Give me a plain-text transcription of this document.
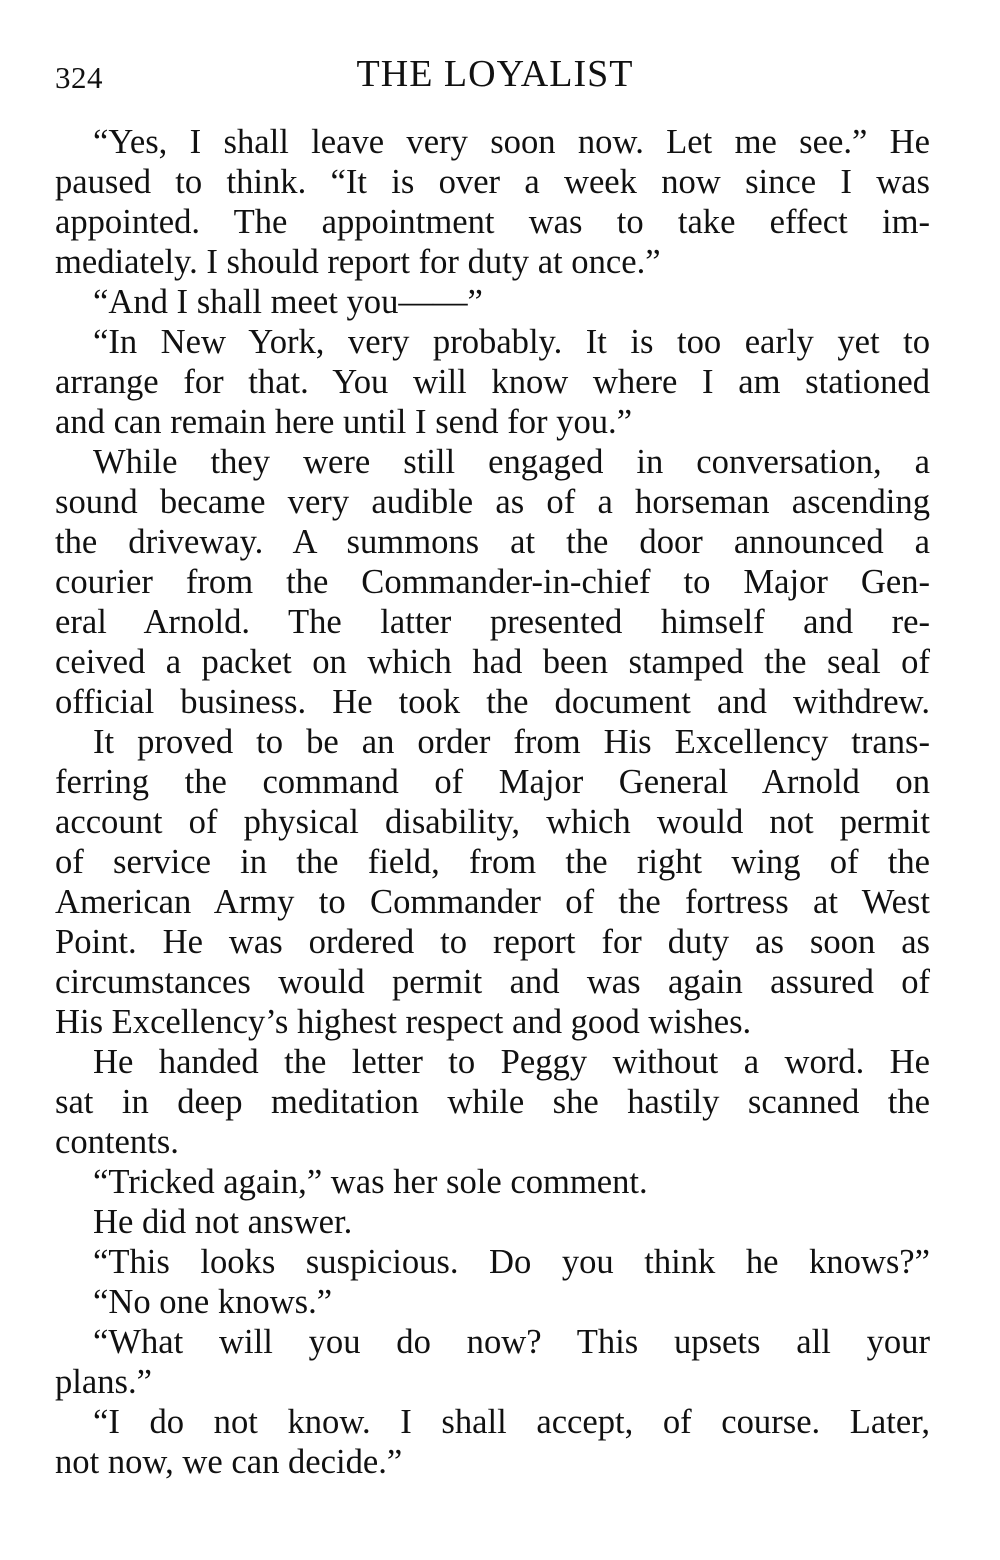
324	THE LOYALIST
“Yes, I shall leave very soon now. Let me see.” He
paused to think. “It is over a week now since I was
appointed. The appointment was to take effect im-
mediately. I should report for duty at once.”
“And I shall meet you——”
“In New York, very probably. It is too early yet to
arrange for that. You will know where I am stationed
and can remain here until I send for you.”
While they were still engaged in conversation, a
sound became very audible as of a horseman ascending
the driveway. A summons at the door announced a
courier from the Commander-in-chief to Major Gen-
eral Arnold. The latter presented himself and re-
ceived a packet on which had been stamped the seal of
official business. He took the document and withdrew.
It proved to be an order from His Excellency trans-
ferring the command of Major General Arnold on
account of physical disability, which would not permit
of service in the field, from the right wing of the
American Army to Commander of the fortress at West
Point. He was ordered to report for duty as soon as
circumstances would permit and was again assured of
His Excellency’s highest respect and good wishes.
He handed the letter to Peggy without a word. He
sat in deep meditation while she hastily scanned the
contents.
“Tricked again,” was her sole comment.
He did not answer.
“This looks suspicious. Do you think he knows?”
“No one knows.”
“What will you do now? This upsets all your
plans.”
“I do not know. I shall accept, of course. Later,
not now, we can decide.”
